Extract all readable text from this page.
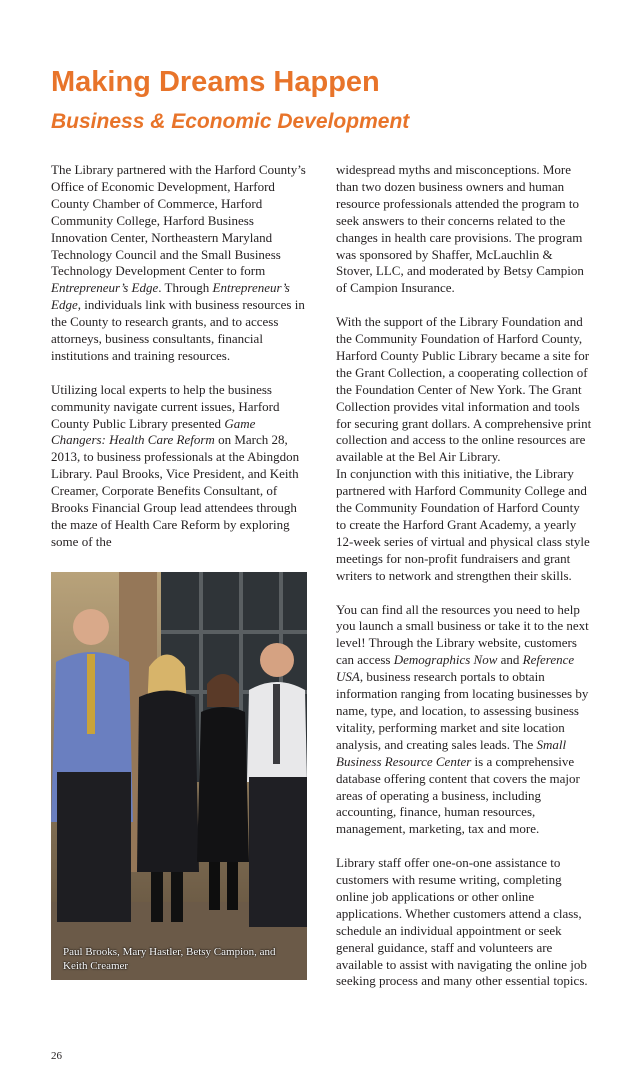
Making Dreams Happen
Business & Economic Development

The Library partnered with the Harford County’s Office of Economic Development, Harford County Chamber of Commerce, Harford Community College, Harford Business Innovation Center, Northeastern Maryland Technology Council and the Small Business Technology Development Center to form Entrepreneur’s Edge. Through Entrepreneur’s Edge, individuals link with business resources in the County to research grants, and to access attorneys, business consultants, financial institutions and training resources.

Utilizing local experts to help the business community navigate current issues, Harford County Public Library presented Game Changers: Health Care Reform on March 28, 2013, to business professionals at the Abingdon Library. Paul Brooks, Vice President, and Keith Creamer, Corporate Benefits Consultant, of Brooks Financial Group lead attendees through the maze of Health Care Reform by exploring some of the

Paul Brooks, Mary Hastler, Betsy Campion, and Keith Creamer

widespread myths and misconceptions. More than two dozen business owners and human resource professionals attended the program to seek answers to their concerns related to the changes in health care provisions. The program was sponsored by Shaffer, McLauchlin & Stover, LLC, and moderated by Betsy Campion of Campion Insurance.

With the support of the Library Foundation and the Community Foundation of Harford County, Harford County Public Library became a site for the Grant Collection, a cooperating collection of the Foundation Center of New York. The Grant Collection provides vital information and tools for securing grant dollars. A comprehensive print collection and access to the online resources are available at the Bel Air Library.

In conjunction with this initiative, the Library partnered with Harford Community College and the Community Foundation of Harford County to create the Harford Grant Academy, a yearly 12-week series of virtual and physical class style meetings for non-profit fundraisers and grant writers to network and strengthen their skills.

You can find all the resources you need to help you launch a small business or take it to the next level! Through the Library website, customers can access Demographics Now and Reference USA, business research portals to obtain information ranging from locating businesses by name, type, and location, to assessing business vitality, performing market and site location analysis, and creating sales leads. The Small Business Resource Center is a comprehensive database offering content that covers the major areas of operating a business, including accounting, finance, human resources, management, marketing, tax and more.

Library staff offer one-on-one assistance to customers with resume writing, completing online job applications or other online applications. Whether customers attend a class, schedule an individual appointment or seek general guidance, staff and volunteers are available to assist with navigating the online job seeking process and many other essential topics.

26
